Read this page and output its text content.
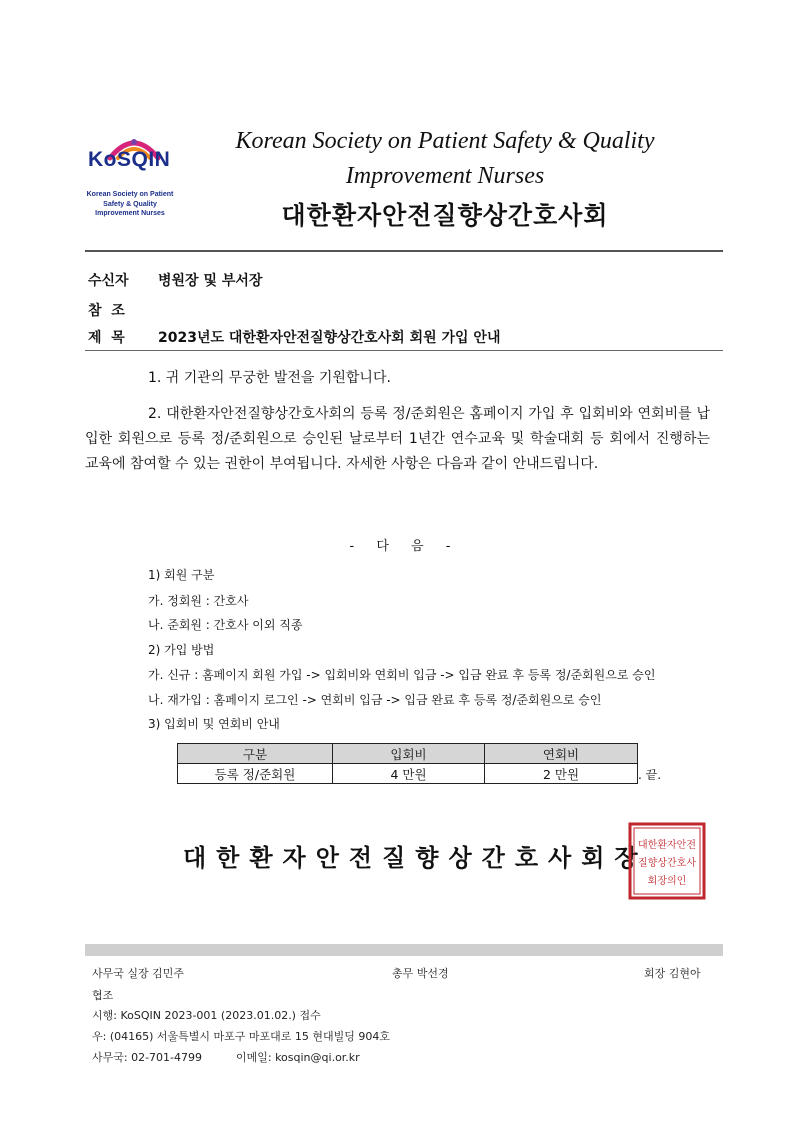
KoSQIN
Korean Society on Patient
Safety & Quality
Improvement Nurses
Korean Society on Patient Safety & Quality
Improvement Nurses
대한환자안전질향상간호사회
수신자 병원장 및 부서장
참  조
제  목 2023년도 대한환자안전질향상간호사회 회원 가입 안내
1. 귀 기관의 무궁한 발전을 기원합니다.
2. 대한환자안전질향상간호사회의 등록 정/준회원은 홈페이지 가입 후 입회비와 연회비를 납입한 회원으로 등록 정/준회원으로 승인된 날로부터 1년간 연수교육 및 학술대회 등 회에서 진행하는 교육에 참여할 수 있는 권한이 부여됩니다. 자세한 사항은 다음과 같이 안내드립니다.
- 다 음 -
1) 회원 구분
가. 정회원 : 간호사
나. 준회원 : 간호사 이외 직종
2) 가입 방법
가. 신규 : 홈페이지 회원 가입 -> 입회비와 연회비 입금 -> 입금 완료 후 등록 정/준회원으로 승인
나. 재가입 : 홈페이지 로그인 -> 연회비 입금 -> 입금 완료 후 등록 정/준회원으로 승인
3) 입회비 및 연회비 안내
구분	입회비	연회비
등록 정/준회원	4 만원	2 만원	. 끝.
대한환자안전질향상간호사회장
대한환자안전
질향상간호사
회장의인
사무국 실장 김민주	총무 박선경	회장 김현아
협조
시행: KoSQIN 2023-001 (2023.01.02.) 접수
우: (04165) 서울특별시 마포구 마포대로 15 현대빌딩 904호
사무국: 02-701-4799	이메일: kosqin@qi.or.kr
